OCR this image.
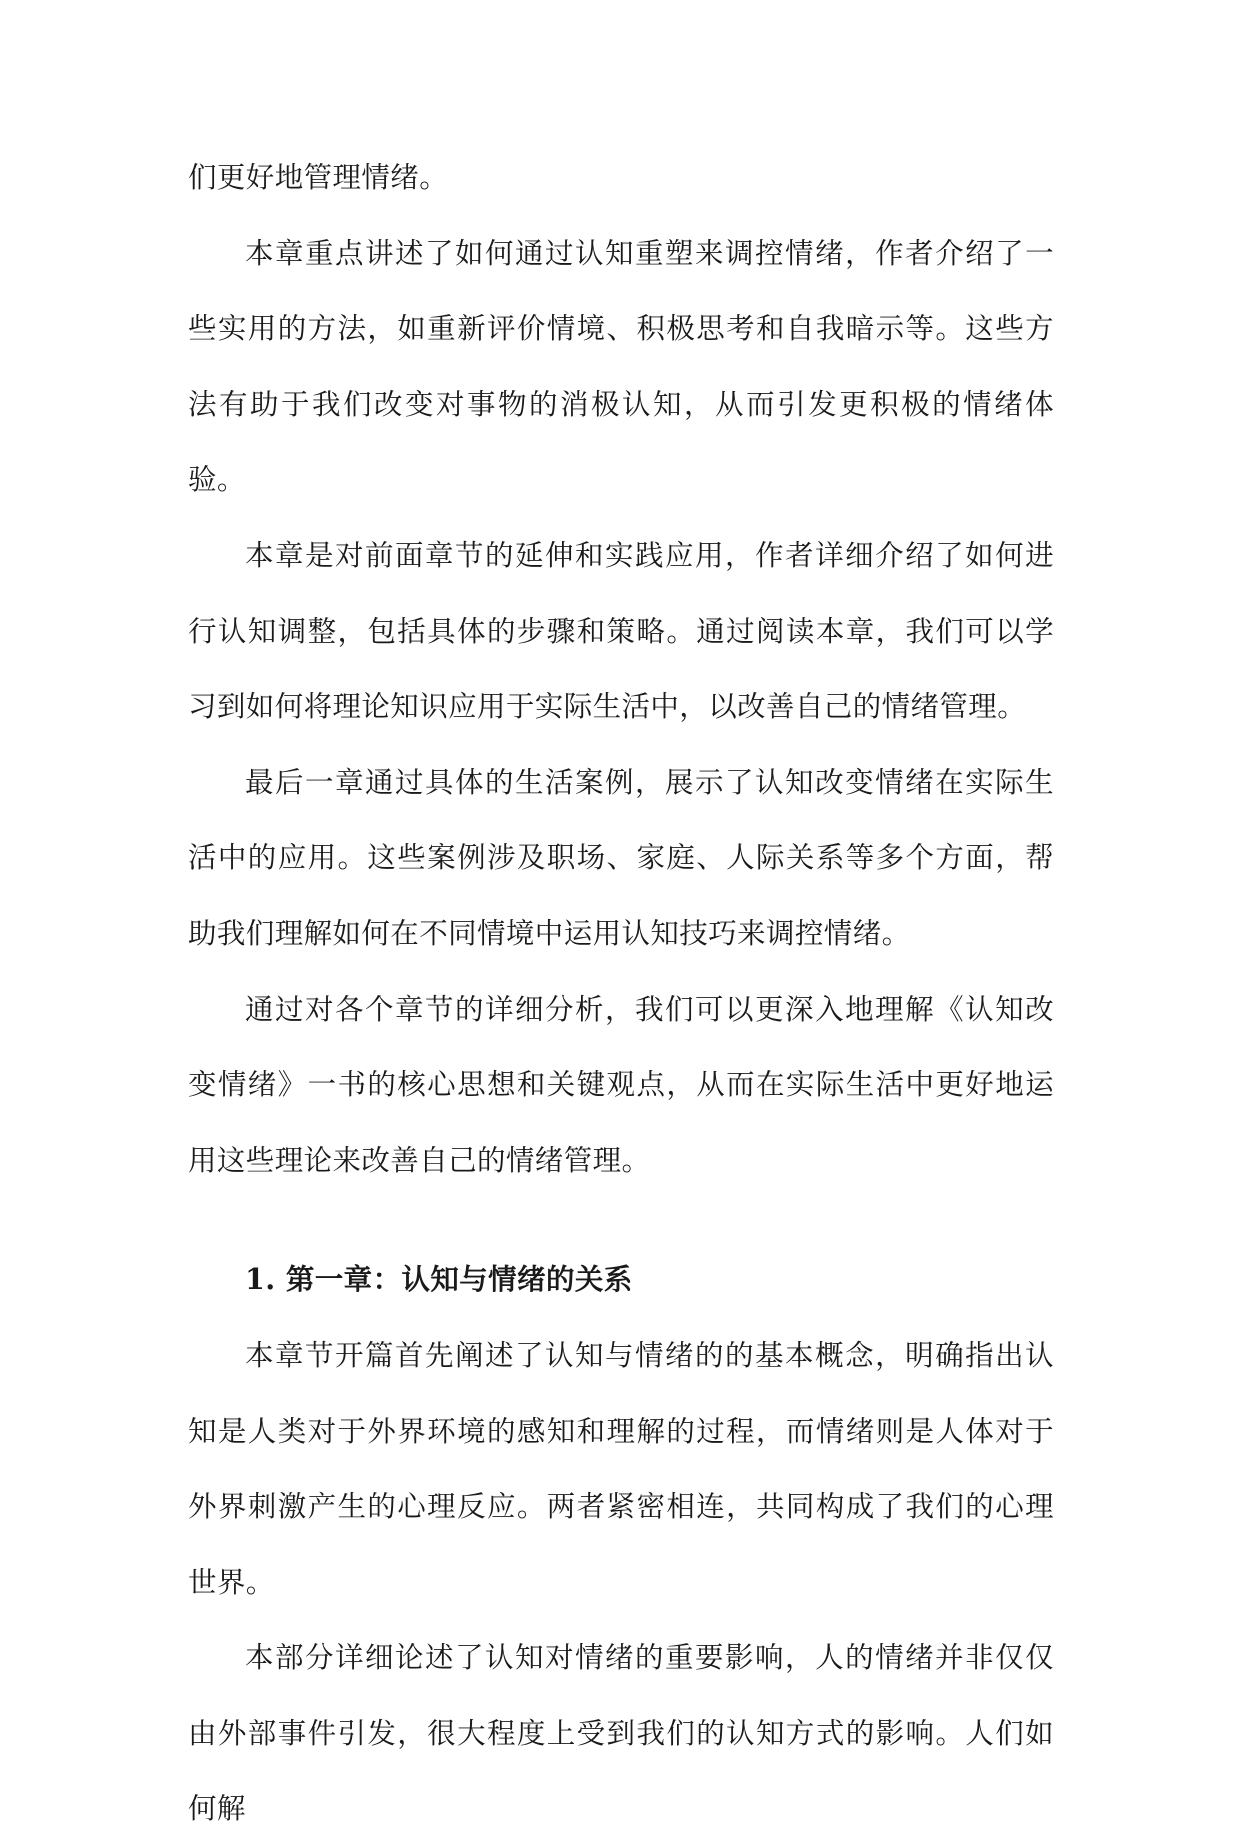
们更好地管理情绪。

本章重点讲述了如何通过认知重塑来调控情绪，作者介绍了一些实用的方法，如重新评价情境、积极思考和自我暗示等。这些方法有助于我们改变对事物的消极认知，从而引发更积极的情绪体验。

本章是对前面章节的延伸和实践应用，作者详细介绍了如何进行认知调整，包括具体的步骤和策略。通过阅读本章，我们可以学习到如何将理论知识应用于实际生活中，以改善自己的情绪管理。

最后一章通过具体的生活案例，展示了认知改变情绪在实际生活中的应用。这些案例涉及职场、家庭、人际关系等多个方面，帮助我们理解如何在不同情境中运用认知技巧来调控情绪。

通过对各个章节的详细分析，我们可以更深入地理解《认知改变情绪》一书的核心思想和关键观点，从而在实际生活中更好地运用这些理论来改善自己的情绪管理。

1. 第一章：认知与情绪的关系

本章节开篇首先阐述了认知与情绪的的基本概念，明确指出认知是人类对于外界环境的感知和理解的过程，而情绪则是人体对于外界刺激产生的心理反应。两者紧密相连，共同构成了我们的心理世界。

本部分详细论述了认知对情绪的重要影响，人的情绪并非仅仅由外部事件引发，很大程度上受到我们的认知方式的影响。人们如何解
